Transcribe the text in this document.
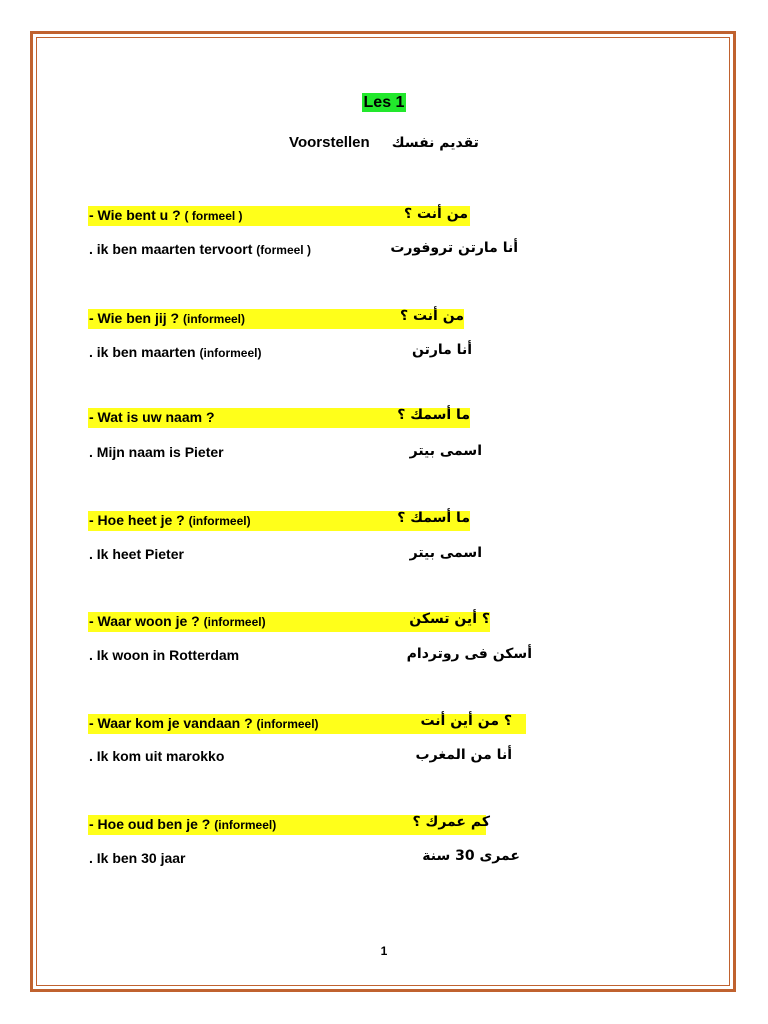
Les 1
Voorstellen تقديم نفسك
- Wie bent u ? ( formeel )	من أنت ؟
. ik ben maarten tervoort (formeel )	أنا مارتن تروفورت
- Wie ben jij ? (informeel)	من أنت ؟
. ik ben maarten (informeel)	أنا مارتن
- Wat is uw naam ?	ما أسمك ؟
. Mijn naam is Pieter	اسمى بيتر
- Hoe heet je ? (informeel)	ما أسمك ؟
. Ik heet Pieter	اسمى بيتر
- Waar woon je ? (informeel)	؟ أين تسكن
. Ik woon in Rotterdam	أسكن فى روتردام
- Waar kom je vandaan ? (informeel)	؟ من أين أنت
. Ik kom uit marokko	أنا من المغرب
- Hoe oud ben je ? (informeel)	كم عمرك ؟
. Ik ben 30 jaar	عمرى 30 سنة
1
